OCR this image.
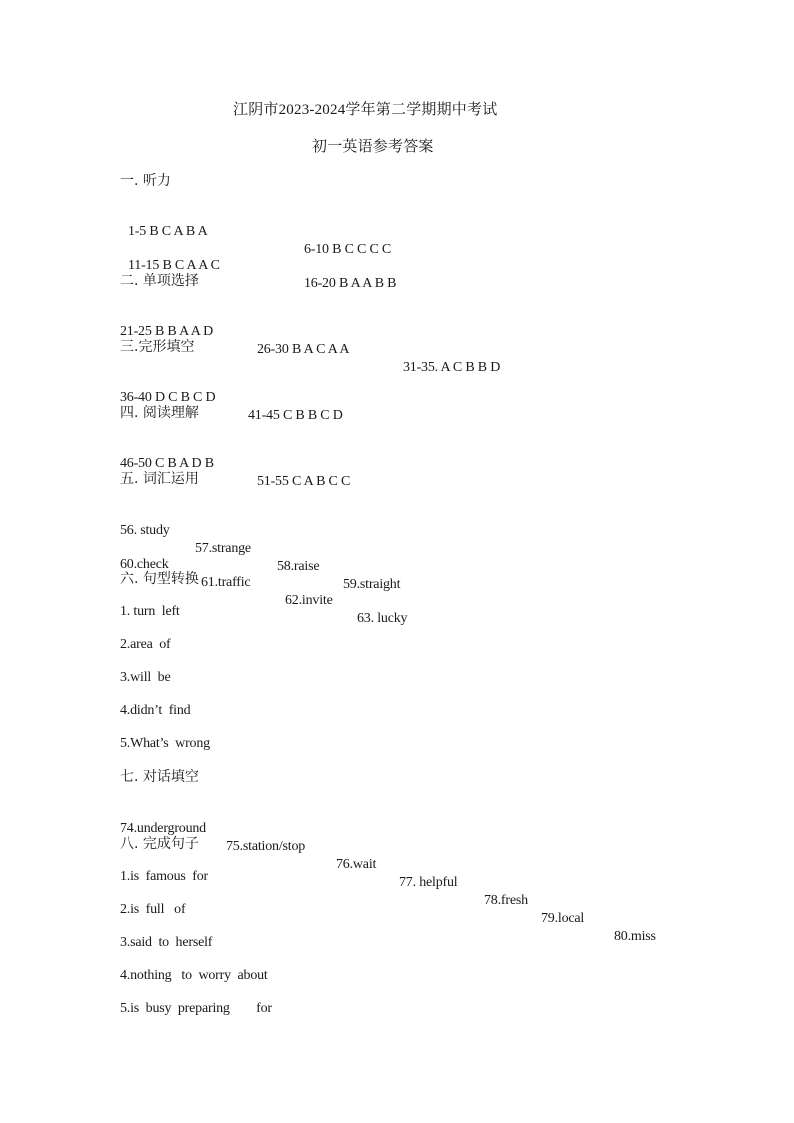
江阴市2023-2024学年第二学期期中考试
初一英语参考答案
一. 听力

1-5 B C A B A

6-10 B C C C C

11-15 B C A A C

16-20 B A A B B

二. 单项选择

21-25 B B A A D

26-30 B A C A A

31-35. A C B B D

三.完形填空

36-40 D C B C D

41-45 C B B C D

四. 阅读理解

46-50 C B A D B

51-55 C A B C C

五. 词汇运用

56. study

57.strange

58.raise

59.straight

60.check

61.traffic

62.invite

63. lucky

六. 句型转换
1. turn  left
2.area  of
3.will  be
4.didn’t  find
5.What’s  wrong
七. 对话填空

74.underground

75.station/stop

76.wait

77. helpful

78.fresh

79.local

80.miss

八. 完成句子
1.is  famous  for
2.is  full   of
3.said  to  herself
4.nothing   to  worry  about
5.is  busy  preparing        for
